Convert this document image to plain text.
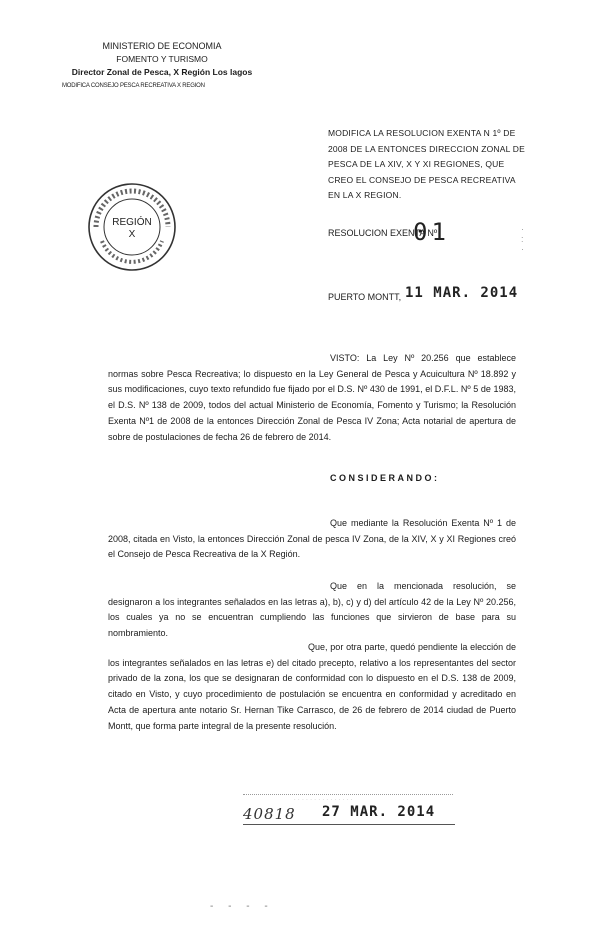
MINISTERIO DE ECONOMIA
FOMENTO Y TURISMO
Director Zonal de Pesca, X Región Los lagos
MODIFICA CONSEJO PESCA RECREATIVA X REGION
MODIFICA LA RESOLUCION EXENTA N 1º DE 2008 DE LA ENTONCES DIRECCION ZONAL DE PESCA DE LA XIV, X Y XI REGIONES, QUE CREO EL CONSEJO DE PESCA RECREATIVA EN LA X REGION.
REGIÓN
X	RESOLUCION EXENTA Nº
01	·
:
·
PUERTO MONTT, 11 MAR. 2014
VISTO: La Ley Nº 20.256 que establece normas sobre Pesca Recreativa; lo dispuesto en la Ley General de Pesca y Acuicultura Nº 18.892 y sus modificaciones, cuyo texto refundido fue fijado por el D.S. Nº 430 de 1991, el D.F.L. Nº 5 de 1983, el D.S. Nº 138 de 2009, todos del actual Ministerio de Economía, Fomento y Turismo; la Resolución Exenta Nº1 de 2008 de la entonces Dirección Zonal de Pesca IV Zona; Acta notarial de apertura de sobre de postulaciones de fecha 26 de febrero de 2014.
CONSIDERANDO:
Que mediante la Resolución Exenta Nº 1 de 2008, citada en Visto, la entonces Dirección Zonal de pesca IV Zona, de la XIV, X y XI Regiones creó el Consejo de Pesca Recreativa de la X Región.
Que en la mencionada resolución, se designaron a los integrantes señalados en las letras a), b), c) y d) del artículo 42 de la Ley Nº 20.256, los cuales ya no se encuentran cumpliendo las funciones que sirvieron de base para su nombramiento.
Que, por otra parte, quedó pendiente la elección de los integrantes señalados en las letras e) del citado precepto, relativo a los representantes del sector privado de la zona, los que se designaran de conformidad con lo dispuesto en el D.S. 138 de 2009, citado en Visto, y cuyo procedimiento de postulación se encuentra en conformidad y acreditado en Acta de apertura ante notario Sr. Hernan Tike Carrasco, de 26 de febrero de 2014 ciudad de Puerto Montt, que forma parte integral de la presente resolución.
· · · · · · · · · · · · · · ·
40818 27 MAR. 2014
- - - -
